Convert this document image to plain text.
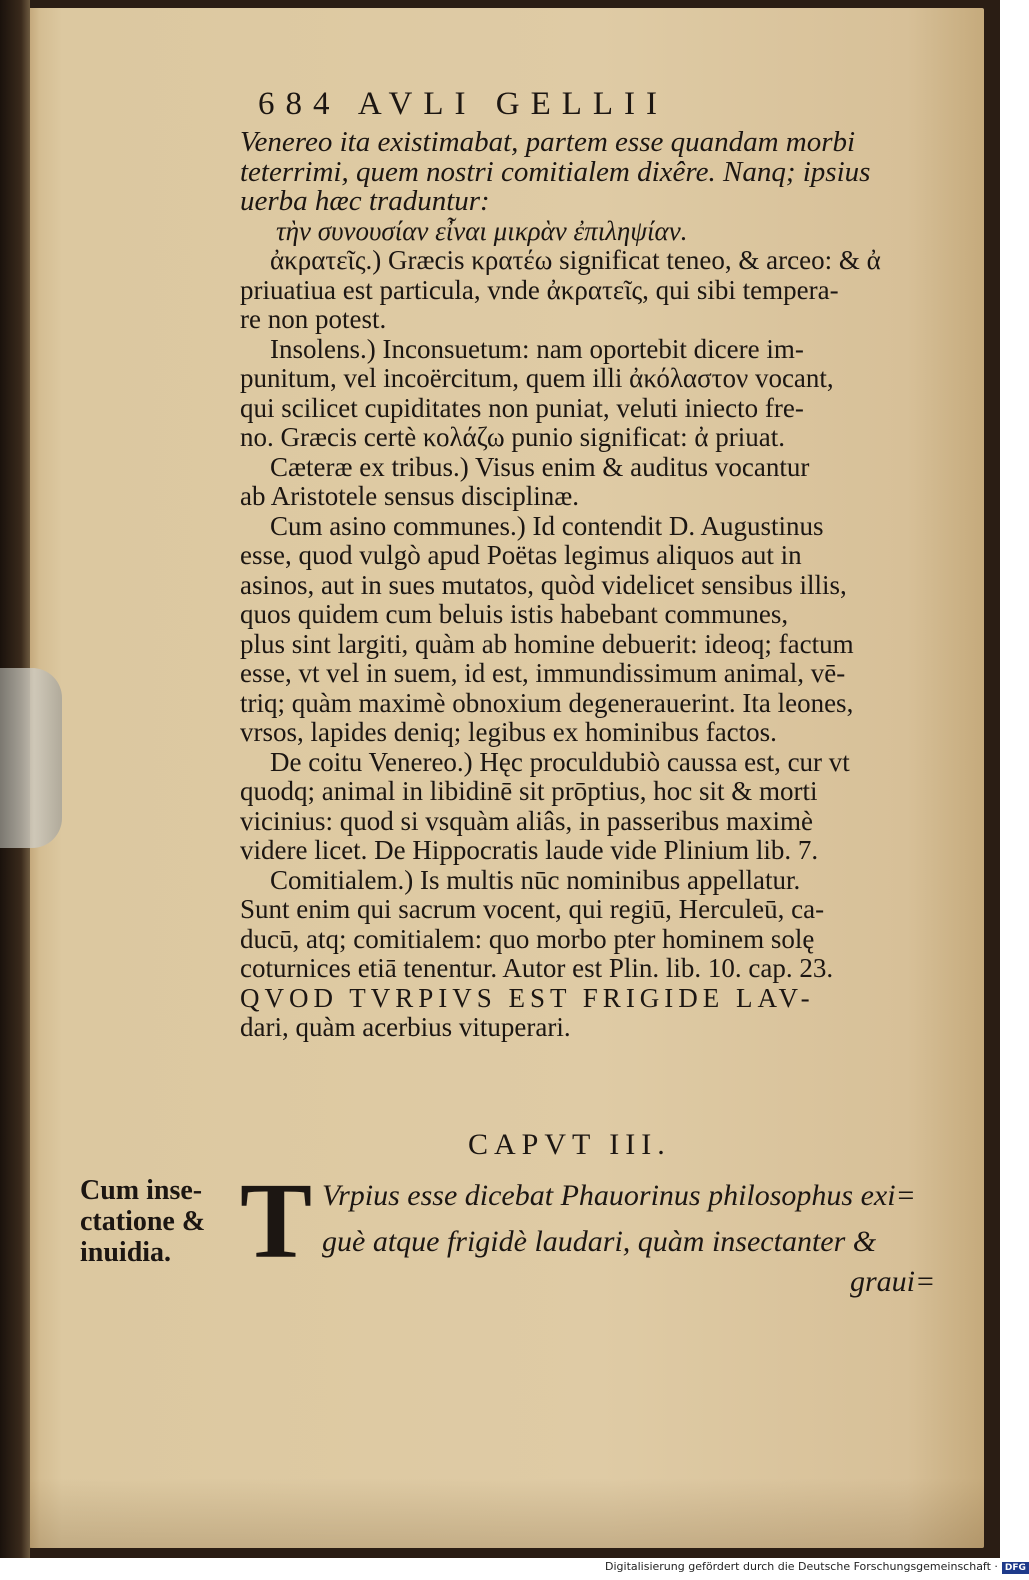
684 AVLI GELLII
Venereo ita existimabat, partem esse quandam morbi
teterrimi, quem nostri comitialem dixêre. Nanq; ipsius
uerba hæc traduntur:
τὴν συνουσίαν εἶναι μικρὰν ἐπιληψίαν.
ἀκρατεῖς.) Græcis κρατέω significat teneo, & arceo: & ἀ
priuatiua est particula, vnde ἀκρατεῖς, qui sibi tempera-
re non potest.
Insolens.) Inconsuetum: nam oportebit dicere im-
punitum, vel incoërcitum, quem illi ἀκόλαστον vocant,
qui scilicet cupiditates non puniat, veluti iniecto fre-
no. Græcis certè κολάζω punio significat: ἀ priuat.
Cæteræ ex tribus.) Visus enim & auditus vocantur
ab Aristotele sensus disciplinæ.
Cum asino communes.) Id contendit D. Augustinus
esse, quod vulgò apud Poëtas legimus aliquos aut in
asinos, aut in sues mutatos, quòd videlicet sensibus illis,
quos quidem cum beluis istis habebant communes,
plus sint largiti, quàm ab homine debuerit: ideoq; factum
esse, vt vel in suem, id est, immundissimum animal, vē-
triq; quàm maximè obnoxium degenerauerint. Ita leones,
vrsos, lapides deniq; legibus ex hominibus factos.
De coitu Venereo.) Hęc proculdubiò caussa est, cur vt
quodq; animal in libidinē sit prōptius, hoc sit & morti
vicinius: quod si vsquàm aliâs, in passeribus maximè
videre licet. De Hippocratis laude vide Plinium lib. 7.
Comitialem.) Is multis nūc nominibus appellatur.
Sunt enim qui sacrum vocent, qui regiū, Herculeū, ca-
ducū, atq; comitialem: quo morbo pter hominem solę
coturnices etiā tenentur. Autor est Plin. lib. 10. cap. 23.
QVOD TVRPIVS EST FRIGIDE LAV-
dari, quàm acerbius vituperari.
CAPVT III.
Cum inse-
ctatione &
inuidia. T Vrpius esse dicebat Phauorinus philosophus exi=
guè atque frigidè laudari, quàm insectanter &
graui=
Digitalisierung gefördert durch die Deutsche Forschungsgemeinschaft · DFG
